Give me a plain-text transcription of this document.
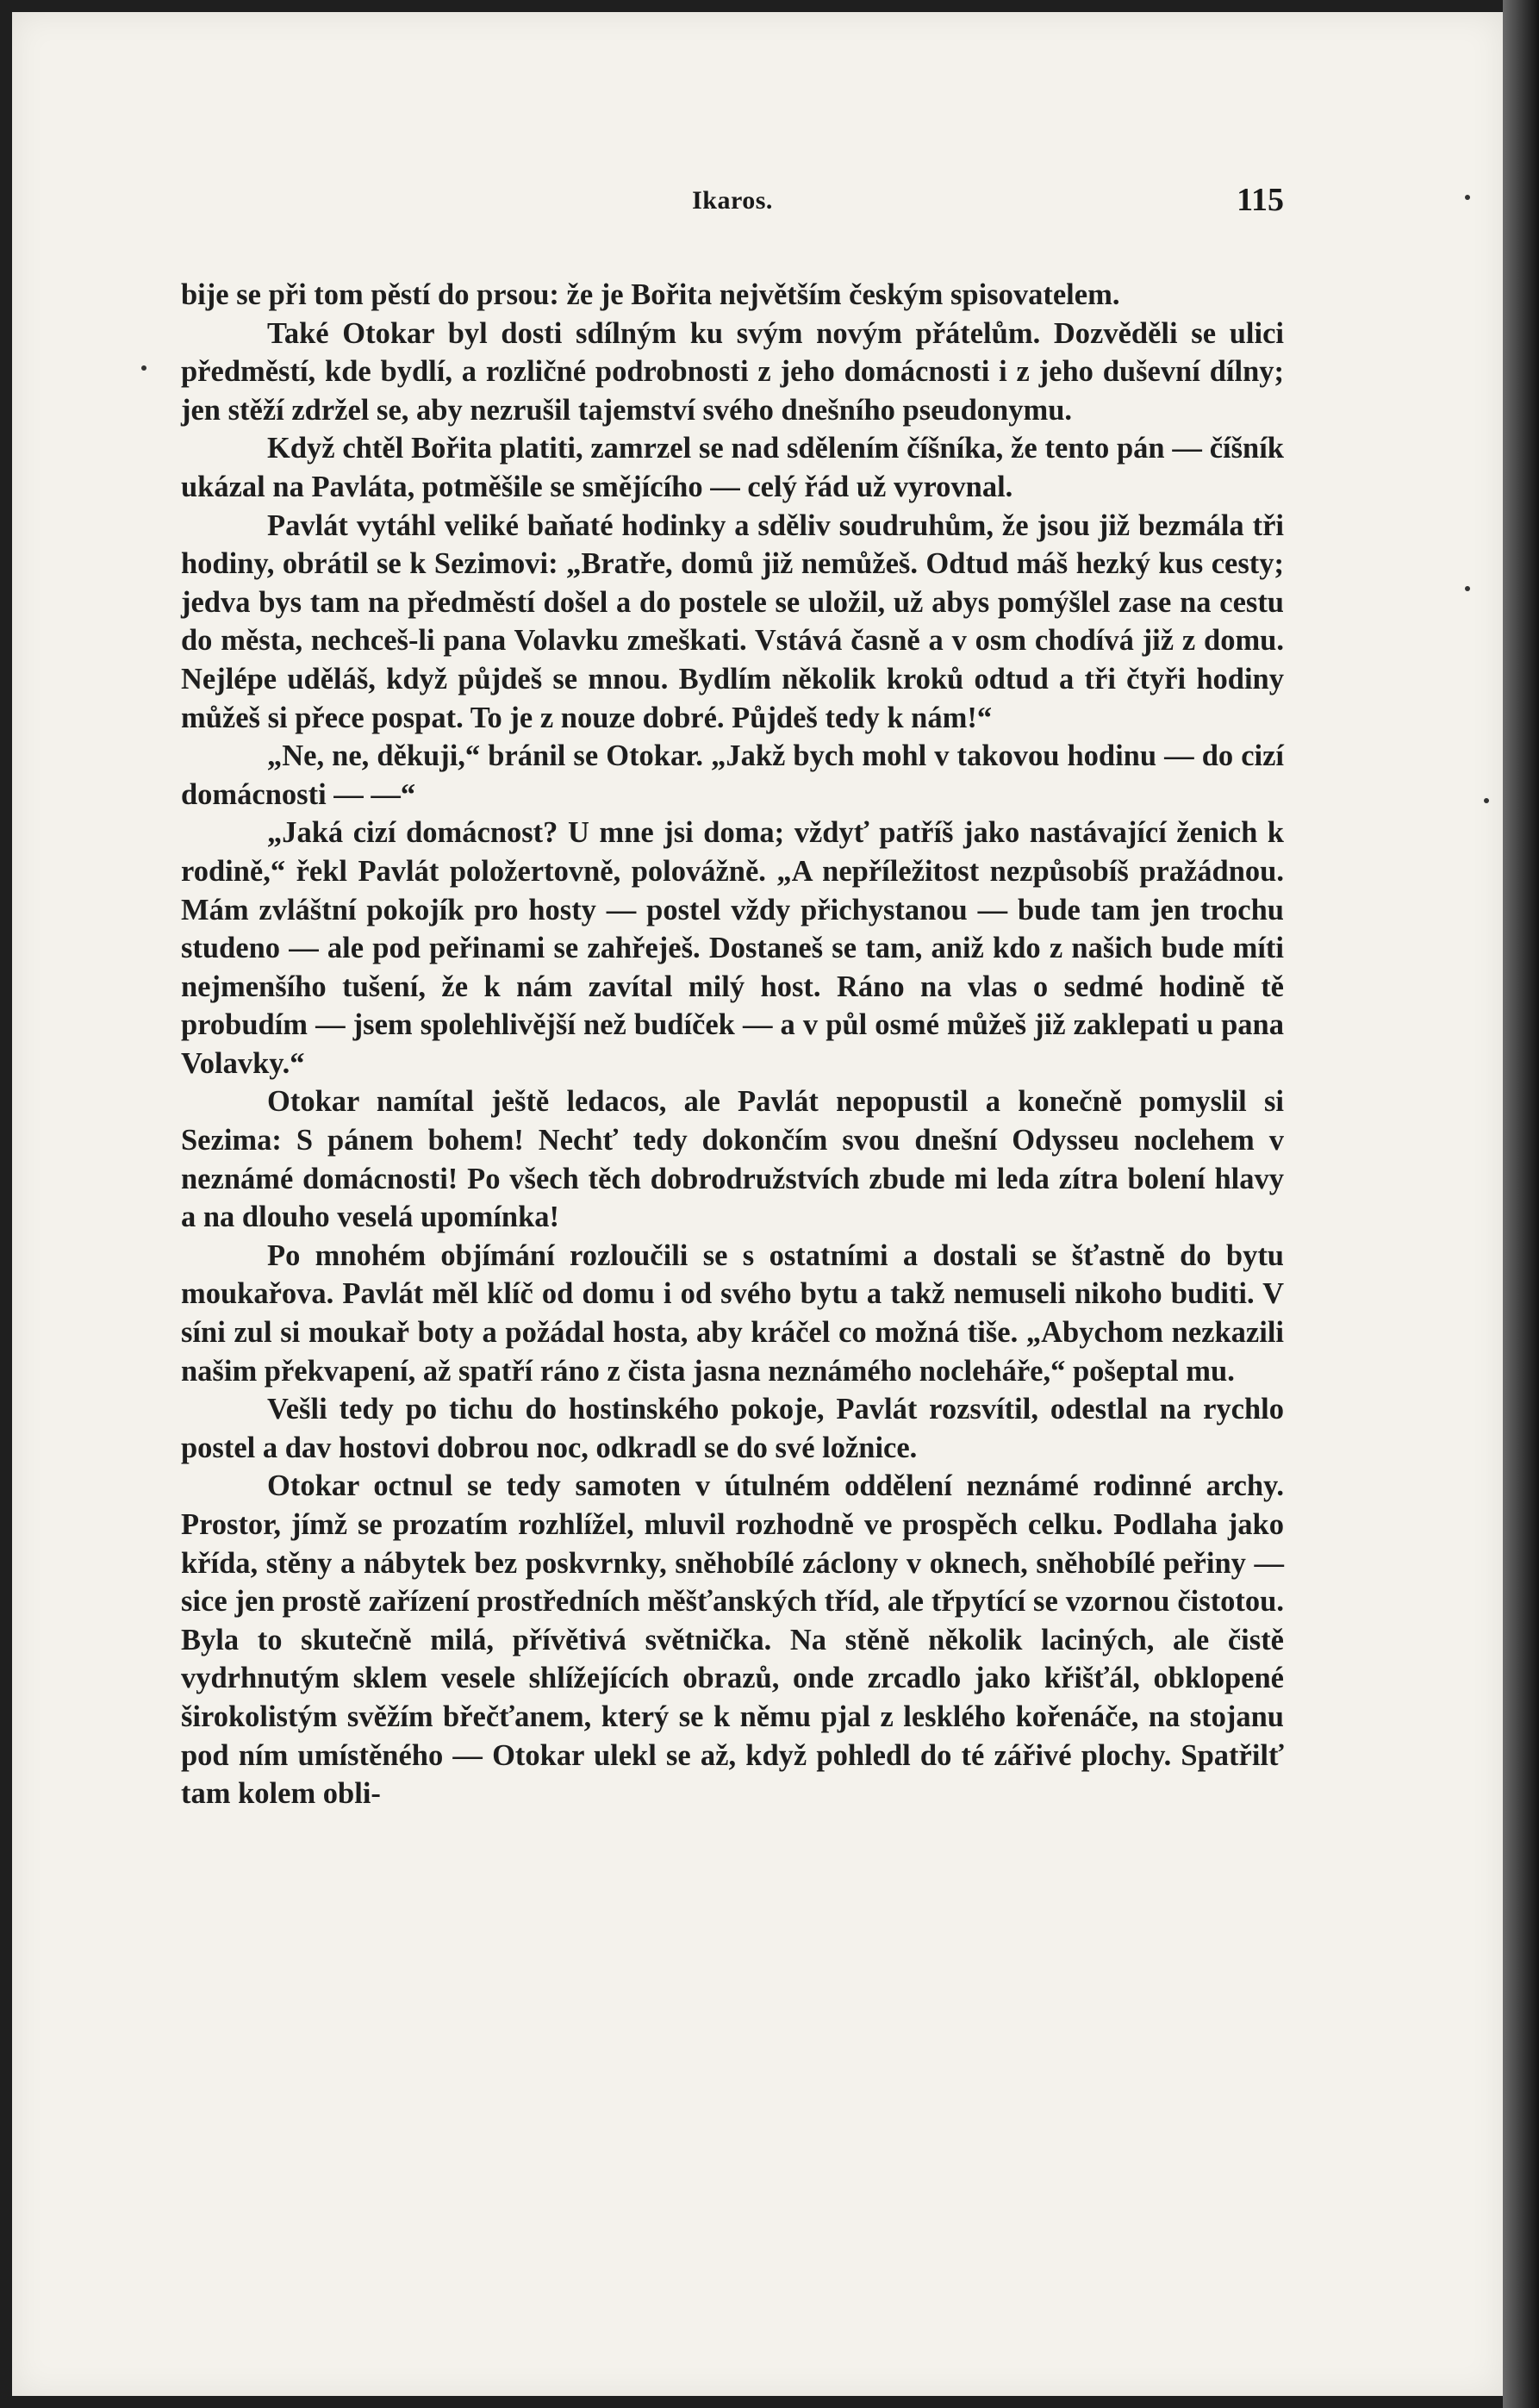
Ikaros.	115

bije se při tom pěstí do prsou: že je Bořita největším českým spisovatelem.

Také Otokar byl dosti sdílným ku svým novým přátelům. Dozvěděli se ulici předměstí, kde bydlí, a rozličné podrobnosti z jeho domácnosti i z jeho duševní dílny; jen stěží zdržel se, aby nezrušil tajemství svého dnešního pseudonymu.

Když chtěl Bořita platiti, zamrzel se nad sdělením číšníka, že tento pán — číšník ukázal na Pavláta, potměšile se smějícího — celý řád už vyrovnal.

Pavlát vytáhl veliké baňaté hodinky a sděliv soudruhům, že jsou již bezmála tři hodiny, obrátil se k Sezimovi: „Bratře, domů již nemůžeš. Odtud máš hezký kus cesty; jedva bys tam na předměstí došel a do postele se uložil, už abys pomýšlel zase na cestu do města, nechceš-li pana Volavku zmeškati. Vstává časně a v osm chodívá již z domu. Nejlépe uděláš, když půjdeš se mnou. Bydlím několik kroků odtud a tři čtyři hodiny můžeš si přece pospat. To je z nouze dobré. Půjdeš tedy k nám!“

„Ne, ne, děkuji,“ bránil se Otokar. „Jakž bych mohl v takovou hodinu — do cizí domácnosti — —“

„Jaká cizí domácnost? U mne jsi doma; vždyť patříš jako nastávající ženich k rodině,“ řekl Pavlát položertovně, polovážně. „A nepříležitost nezpůsobíš pražádnou. Mám zvláštní pokojík pro hosty — postel vždy přichystanou — bude tam jen trochu studeno — ale pod peřinami se zahřeješ. Dostaneš se tam, aniž kdo z našich bude míti nejmenšího tušení, že k nám zavítal milý host. Ráno na vlas o sedmé hodině tě probudím — jsem spolehlivější než budíček — a v půl osmé můžeš již zaklepati u pana Volavky.“

Otokar namítal ještě ledacos, ale Pavlát nepopustil a konečně pomyslil si Sezima: S pánem bohem! Nechť tedy dokončím svou dnešní Odysseu noclehem v neznámé domácnosti! Po všech těch dobrodružstvích zbude mi leda zítra bolení hlavy a na dlouho veselá upomínka!

Po mnohém objímání rozloučili se s ostatními a dostali se šťastně do bytu moukařova. Pavlát měl klíč od domu i od svého bytu a takž nemuseli nikoho buditi. V síni zul si moukař boty a požádal hosta, aby kráčel co možná tiše. „Abychom nezkazili našim překvapení, až spatří ráno z čista jasna neznámého noclehářе,“ pošeptal mu.

Vešli tedy po tichu do hostinského pokoje, Pavlát rozsvítil, odestlal na rychlo postel a dav hostovi dobrou noc, odkradl se do své ložnice.

Otokar octnul se tedy samoten v útulném oddělení neznámé rodinné archy. Prostor, jímž se prozatím rozhlížel, mluvil rozhodně ve prospěch celku. Podlaha jako křída, stěny a nábytek bez poskvrnky, sněhobílé záclony v oknech, sněhobílé peřiny — sice jen prostě zařízení prostředních měšťanských tříd, ale třpytící se vzornou čistotou. Byla to skutečně milá, přívětivá světnička. Na stěně několik laciných, ale čistě vydrhnutým sklem vesele shlížejících obrazů, onde zrcadlo jako křišťál, obklopené širokolistým svěžím břečťanem, který se k němu pjal z lesklého kořenáče, na stojanu pod ním umístěného — Otokar ulekl se až, když pohledl do té zářivé plochy. Spatřilť tam kolem obli-
